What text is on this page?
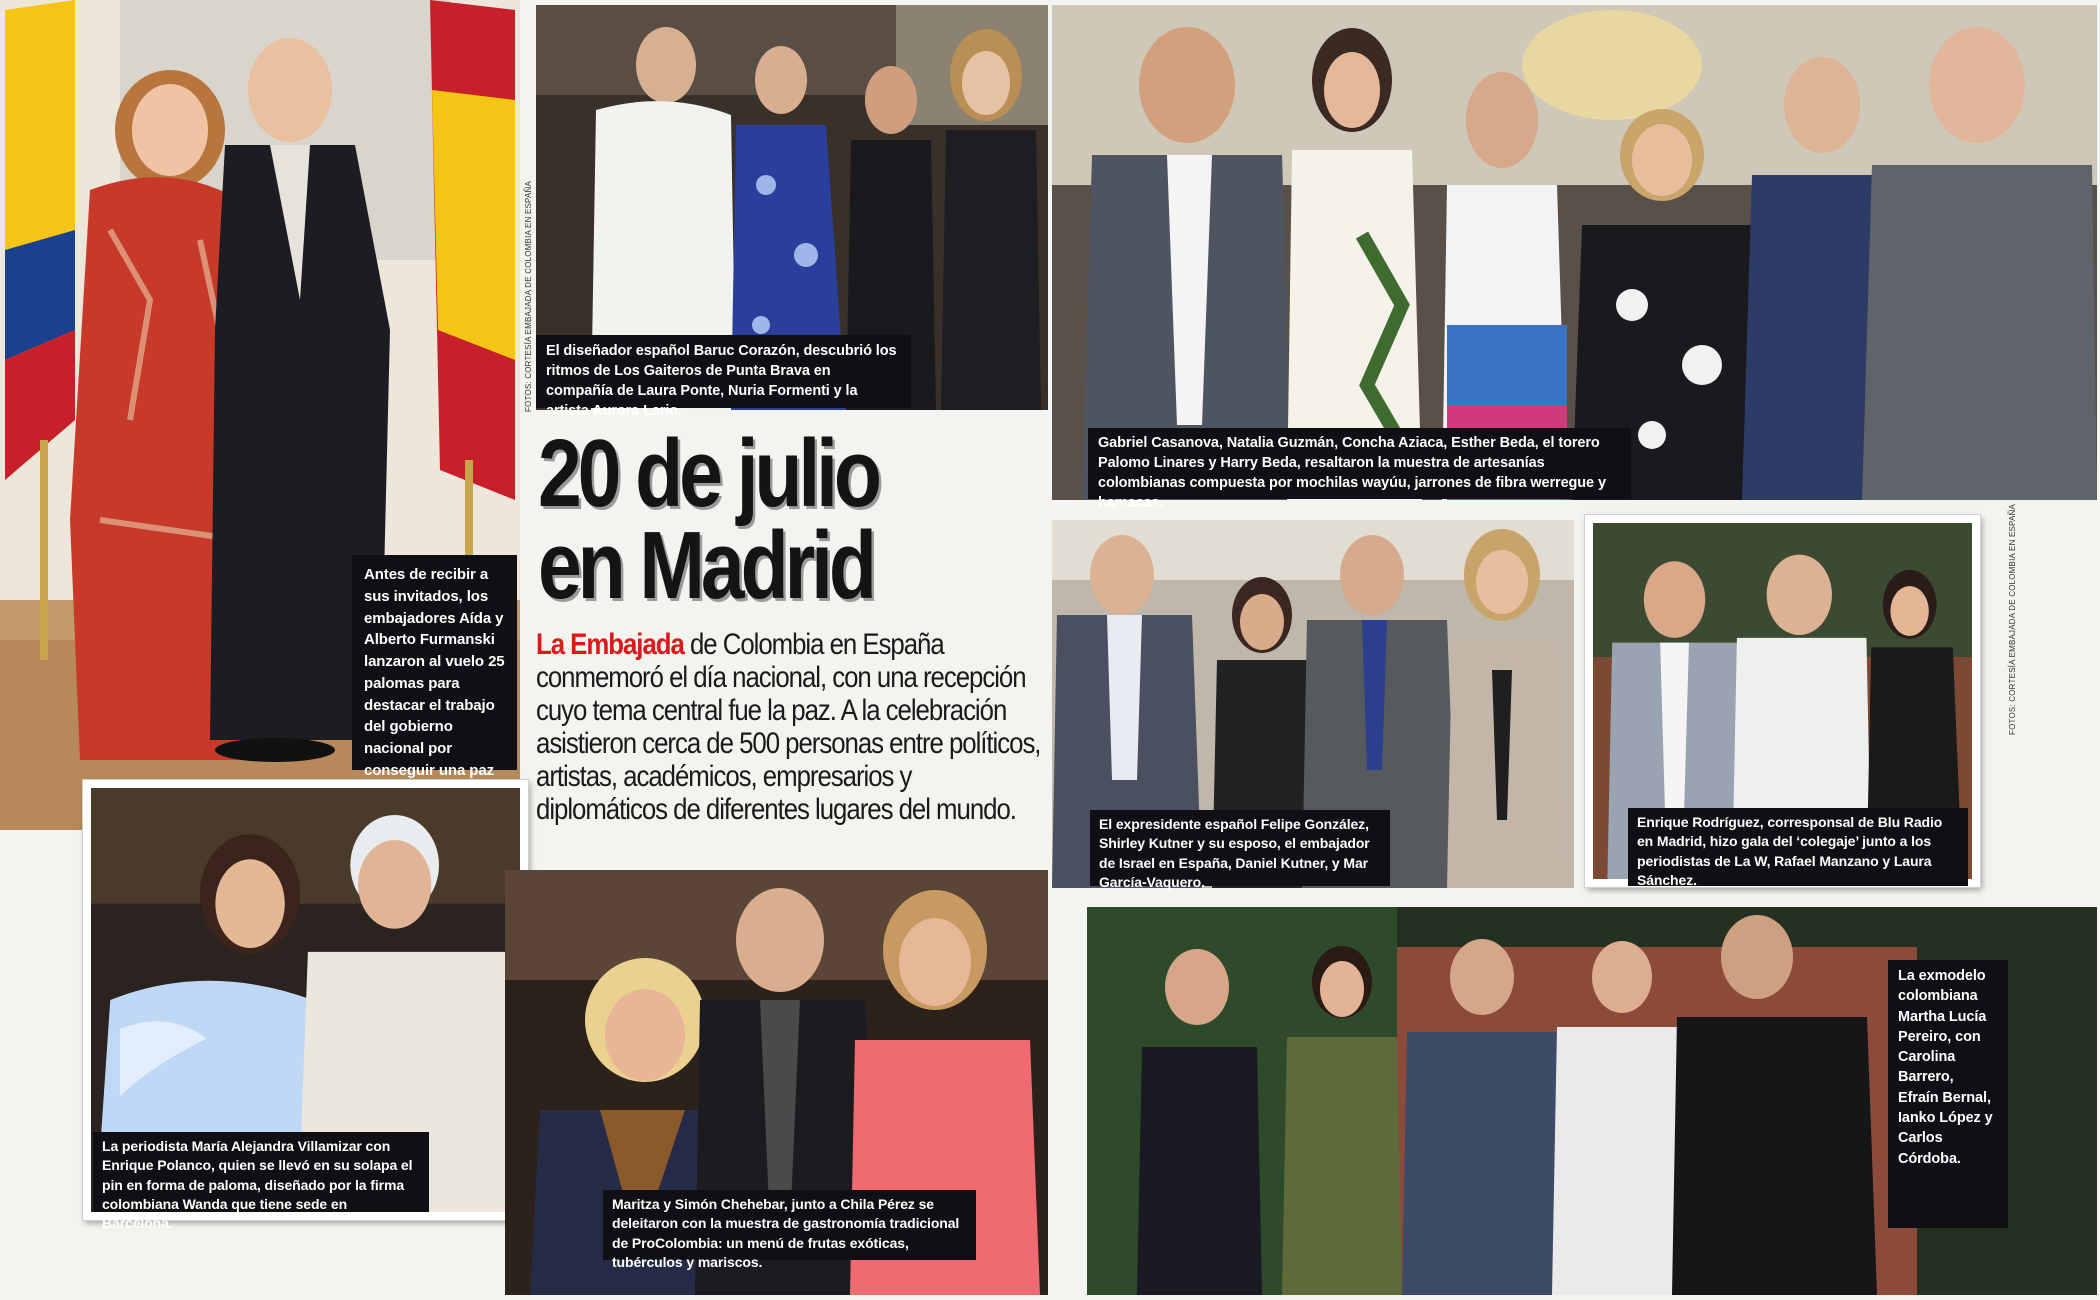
Antes de recibir a sus invitados, los embajadores Aída y Alberto Furmanski lanzaron al vuelo 25 palomas para destacar el trabajo del gobierno nacional por conseguir una paz
El diseñador español Baruc Corazón, descubrió los ritmos de Los Gaiteros de Punta Brava en compañía de Laura Ponte, Nuria Formenti y la artista Aurora Lario.
FOTOS: CORTESÍA EMBAJADA DE COLOMBIA EN ESPAÑA
20 de julio
en Madrid
La Embajada de Colombia en España conmemoró el día nacional, con una recepción cuyo tema central fue la paz. A la celebración asistieron cerca de 500 personas entre políticos, artistas, académicos, empresarios y diplomáticos de diferentes lugares del mundo.
Gabriel Casanova, Natalia Guzmán, Concha Aziaca, Esther Beda, el torero Palomo Linares y Harry Beda, resaltaron la muestra de artesanías colombianas compuesta por mochilas wayúu, jarrones de fibra werregue y hamacas.
El expresidente español Felipe González, Shirley Kutner y su esposo, el embajador de Israel en España, Daniel Kutner, y Mar García-Vaquero.
Enrique Rodríguez, corresponsal de Blu Radio en Madrid, hizo gala del ‘colegaje’ junto a los periodistas de La W, Rafael Manzano y Laura Sánchez.
FOTOS: CORTESÍA EMBAJADA DE COLOMBIA EN ESPAÑA
La periodista María Alejandra Villamizar con Enrique Polanco, quien se llevó en su solapa el pin en forma de paloma, diseñado por la firma colombiana Wanda que tiene sede en Barcelona.
Maritza y Simón Chehebar, junto a Chila Pérez se deleitaron con la muestra de gastronomía tradicional de ProColombia: un menú de frutas exóticas, tubérculos y mariscos.
La exmodelo colombiana Martha Lucía Pereiro, con Carolina Barrero, Efraín Bernal, Ianko López y Carlos Córdoba.
